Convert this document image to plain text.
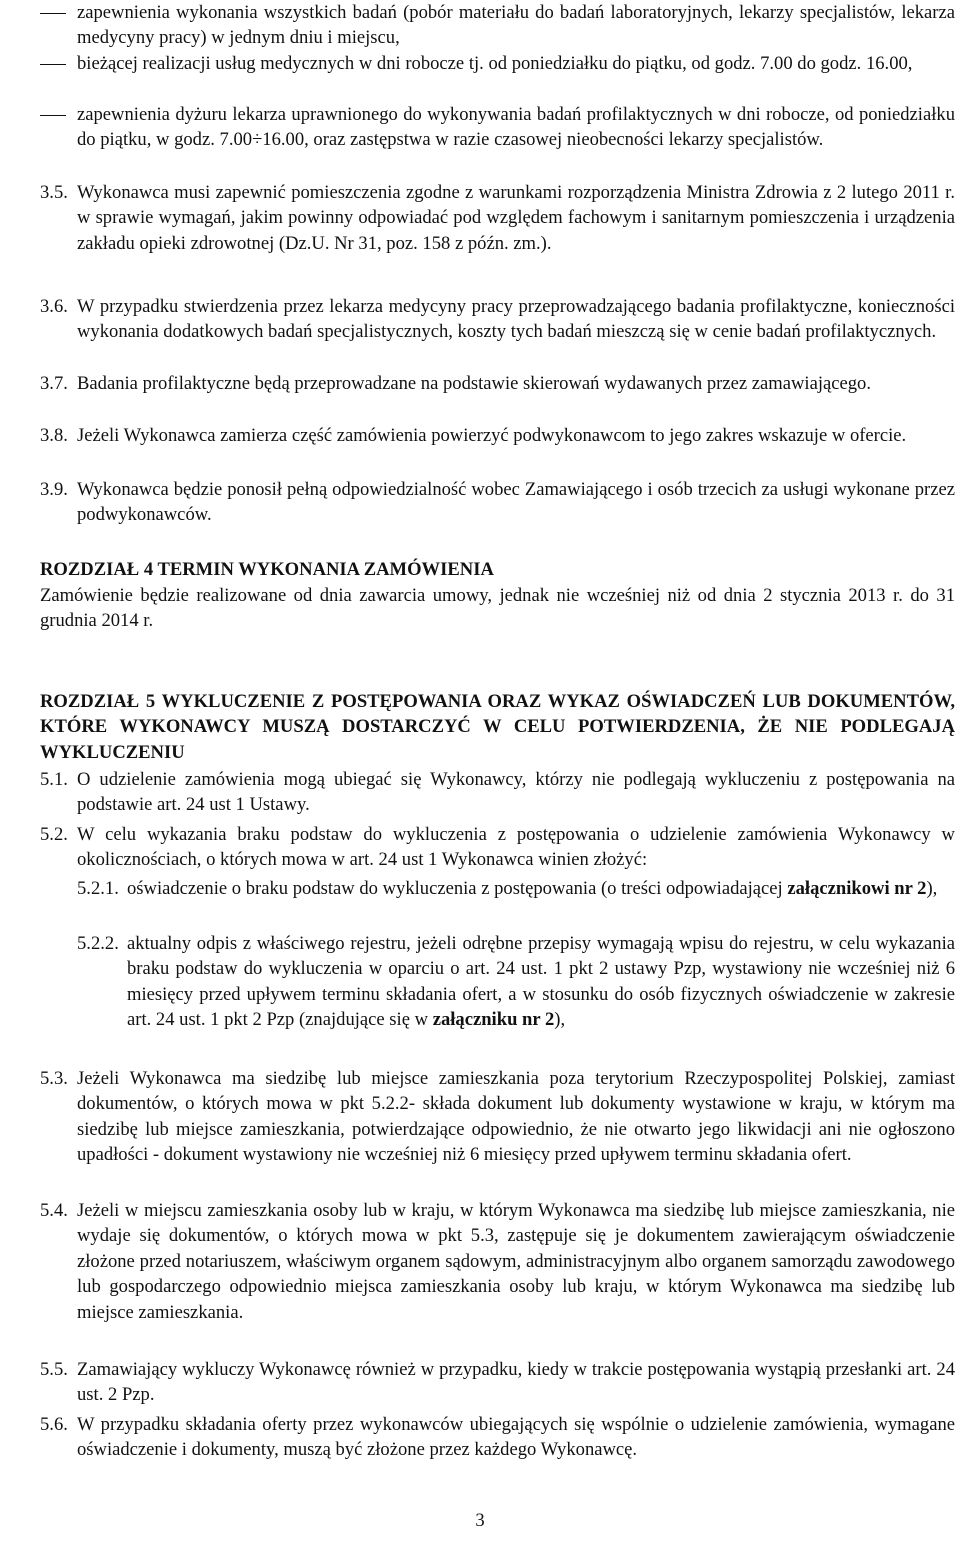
zapewnienia wykonania wszystkich badań (pobór materiału do badań laboratoryjnych, lekarzy specjalistów, lekarza medycyny pracy) w jednym dniu i miejscu,
bieżącej realizacji usług medycznych w dni robocze tj. od poniedziałku do piątku, od godz. 7.00 do godz. 16.00,
zapewnienia dyżuru lekarza uprawnionego do wykonywania badań profilaktycznych w dni robocze, od poniedziałku do piątku, w godz. 7.00÷16.00, oraz zastępstwa w razie czasowej nieobecności lekarzy specjalistów.
3.5. Wykonawca musi zapewnić pomieszczenia zgodne z warunkami rozporządzenia Ministra Zdrowia z 2 lutego 2011 r. w sprawie wymagań, jakim powinny odpowiadać pod względem fachowym i sanitarnym pomieszczenia i urządzenia zakładu opieki zdrowotnej (Dz.U. Nr 31, poz. 158 z późn. zm.).
3.6. W przypadku stwierdzenia przez lekarza medycyny pracy przeprowadzającego badania profilaktyczne, konieczności wykonania dodatkowych badań specjalistycznych, koszty tych badań mieszczą się w cenie badań profilaktycznych.
3.7. Badania profilaktyczne będą przeprowadzane na podstawie skierowań wydawanych przez zamawiającego.
3.8. Jeżeli Wykonawca zamierza część zamówienia powierzyć podwykonawcom to jego zakres wskazuje w ofercie.
3.9. Wykonawca będzie ponosił pełną odpowiedzialność wobec Zamawiającego i osób trzecich za usługi wykonane przez podwykonawców.
ROZDZIAŁ 4 TERMIN WYKONANIA ZAMÓWIENIA
Zamówienie będzie realizowane od dnia zawarcia umowy, jednak nie wcześniej niż od dnia 2 stycznia 2013 r. do 31 grudnia 2014 r.
ROZDZIAŁ 5 WYKLUCZENIE Z POSTĘPOWANIA ORAZ WYKAZ OŚWIADCZEŃ LUB DOKUMENTÓW, KTÓRE WYKONAWCY MUSZĄ DOSTARCZYĆ W CELU POTWIERDZENIA, ŻE NIE PODLEGAJĄ WYKLUCZENIU
5.1. O udzielenie zamówienia mogą ubiegać się Wykonawcy, którzy nie podlegają wykluczeniu z postępowania na podstawie art. 24 ust 1 Ustawy.
5.2. W celu wykazania braku podstaw do wykluczenia z postępowania o udzielenie zamówienia Wykonawcy w okolicznościach, o których mowa w art. 24 ust 1 Wykonawca winien złożyć:
5.2.1. oświadczenie o braku podstaw do wykluczenia z postępowania (o treści odpowiadającej załącznikowi nr 2),
5.2.2. aktualny odpis z właściwego rejestru, jeżeli odrębne przepisy wymagają wpisu do rejestru, w celu wykazania braku podstaw do wykluczenia w oparciu o art. 24 ust. 1 pkt 2 ustawy Pzp, wystawiony nie wcześniej niż 6 miesięcy przed upływem terminu składania ofert, a w stosunku do osób fizycznych oświadczenie w zakresie art. 24 ust. 1 pkt 2 Pzp (znajdujące się w załączniku nr 2),
5.3. Jeżeli Wykonawca ma siedzibę lub miejsce zamieszkania poza terytorium Rzeczypospolitej Polskiej, zamiast dokumentów, o których mowa w pkt 5.2.2- składa dokument lub dokumenty wystawione w kraju, w którym ma siedzibę lub miejsce zamieszkania, potwierdzające odpowiednio, że nie otwarto jego likwidacji ani nie ogłoszono upadłości - dokument wystawiony nie wcześniej niż 6 miesięcy przed upływem terminu składania ofert.
5.4. Jeżeli w miejscu zamieszkania osoby lub w kraju, w którym Wykonawca ma siedzibę lub miejsce zamieszkania, nie wydaje się dokumentów, o których mowa w pkt 5.3, zastępuje się je dokumentem zawierającym oświadczenie złożone przed notariuszem, właściwym organem sądowym, administracyjnym albo organem samorządu zawodowego lub gospodarczego odpowiednio miejsca zamieszkania osoby lub kraju, w którym Wykonawca ma siedzibę lub miejsce zamieszkania.
5.5. Zamawiający wykluczy Wykonawcę również w przypadku, kiedy w trakcie postępowania wystąpią przesłanki art. 24 ust. 2 Pzp.
5.6. W przypadku składania oferty przez wykonawców ubiegających się wspólnie o udzielenie zamówienia, wymagane oświadczenie i dokumenty, muszą być złożone przez każdego Wykonawcę.
3
